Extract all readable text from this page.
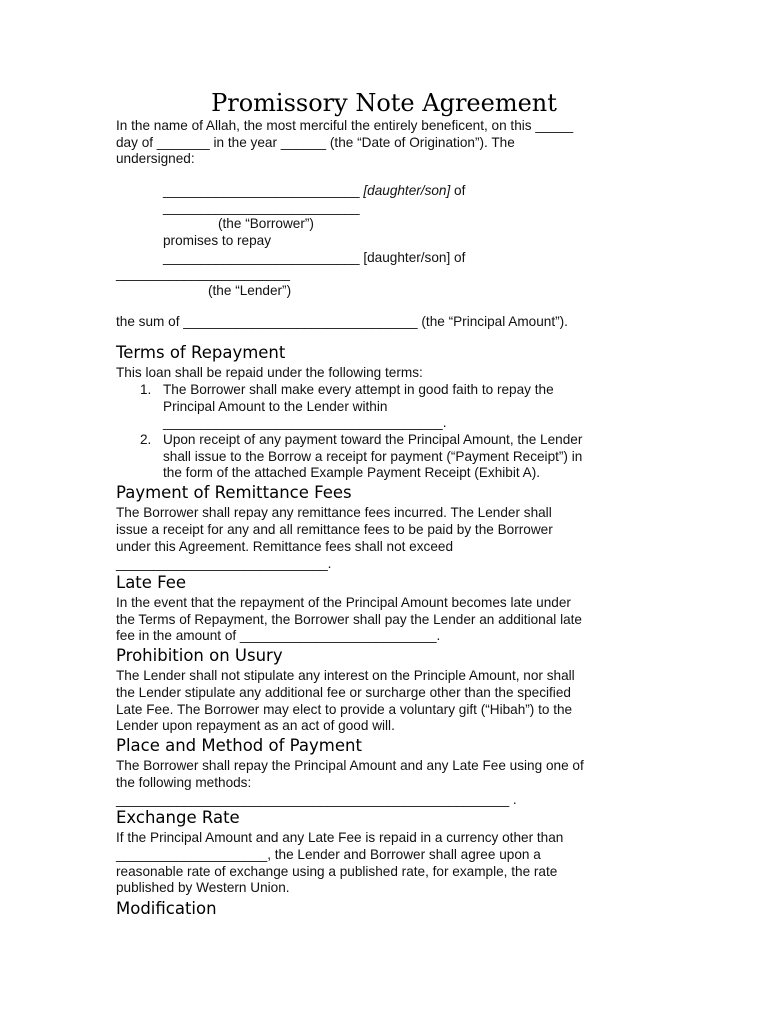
Promissory Note Agreement
In the name of Allah, the most merciful the entirely beneficent, on this _____
day of _______ in the year ______ (the “Date of Origination”). The
undersigned:
__________________________ [daughter/son] of
__________________________
(the “Borrower”)
promises to repay
__________________________ [daughter/son] of
_______________________
(the “Lender”)
the sum of _______________________________ (the “Principal Amount”).
Terms of Repayment
This loan shall be repaid under the following terms:
1. The Borrower shall make every attempt in good faith to repay the
Principal Amount to the Lender within
_____________________________________.
2. Upon receipt of any payment toward the Principal Amount, the Lender
shall issue to the Borrow a receipt for payment (“Payment Receipt”) in
the form of the attached Example Payment Receipt (Exhibit A).
Payment of Remittance Fees
The Borrower shall repay any remittance fees incurred. The Lender shall
issue a receipt for any and all remittance fees to be paid by the Borrower
under this Agreement. Remittance fees shall not exceed
____________________________.
Late Fee
In the event that the repayment of the Principal Amount becomes late under
the Terms of Repayment, the Borrower shall pay the Lender an additional late
fee in the amount of __________________________.
Prohibition on Usury
The Lender shall not stipulate any interest on the Principle Amount, nor shall
the Lender stipulate any additional fee or surcharge other than the specified
Late Fee. The Borrower may elect to provide a voluntary gift (“Hibah”) to the
Lender upon repayment as an act of good will.
Place and Method of Payment
The Borrower shall repay the Principal Amount and any Late Fee using one of
the following methods:
____________________________________________________ .
Exchange Rate
If the Principal Amount and any Late Fee is repaid in a currency other than
____________________, the Lender and Borrower shall agree upon a
reasonable rate of exchange using a published rate, for example, the rate
published by Western Union.
Modification
